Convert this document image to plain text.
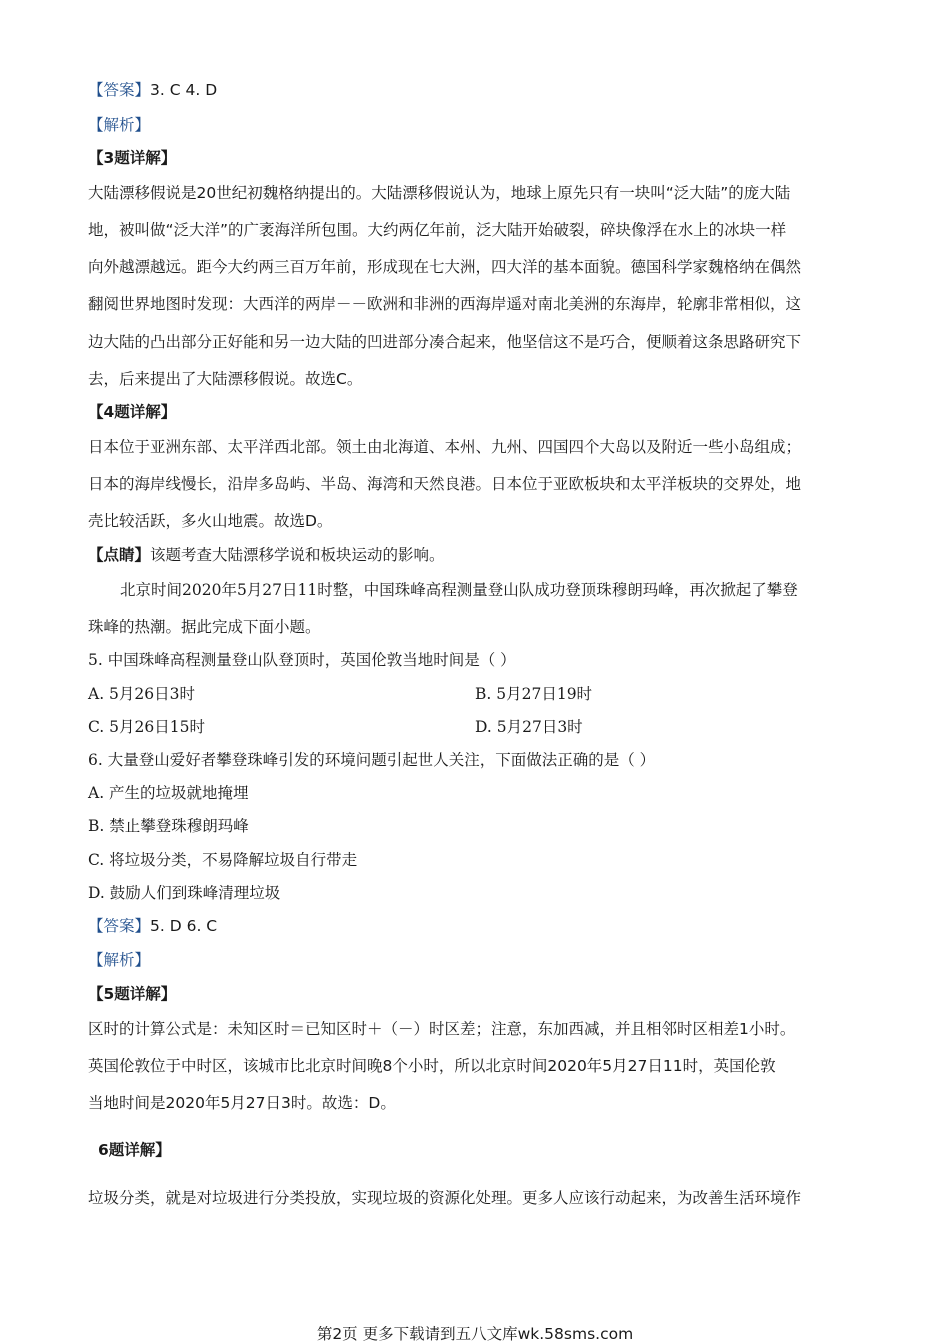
【答案】3. C 4. D
【解析】
【3题详解】
大陆漂移假说是20世纪初魏格纳提出的。大陆漂移假说认为，地球上原先只有一块叫“泛大陆”的庞大陆
地，被叫做“泛大洋”的广袤海洋所包围。大约两亿年前，泛大陆开始破裂，碎块像浮在水上的冰块一样
向外越漂越远。距今大约两三百万年前，形成现在七大洲，四大洋的基本面貌。德国科学家魏格纳在偶然
翻阅世界地图时发现：大西洋的两岸－－欧洲和非洲的西海岸遥对南北美洲的东海岸，轮廓非常相似，这
边大陆的凸出部分正好能和另一边大陆的凹进部分凑合起来，他坚信这不是巧合，便顺着这条思路研究下
去，后来提出了大陆漂移假说。故选C。
【4题详解】
日本位于亚洲东部、太平洋西北部。领土由北海道、本州、九州、四国四个大岛以及附近一些小岛组成；
日本的海岸线慢长，沿岸多岛屿、半岛、海湾和天然良港。日本位于亚欧板块和太平洋板块的交界处，地
壳比较活跃，多火山地震。故选D。
【点睛】该题考查大陆漂移学说和板块运动的影响。
北京时间2020年5月27日11时整，中国珠峰高程测量登山队成功登顶珠穆朗玛峰，再次掀起了攀登
珠峰的热潮。据此完成下面小题。
5. 中国珠峰高程测量登山队登顶时，英国伦敦当地时间是（ ）
A. 5月26日3时	B. 5月27日19时
C. 5月26日15时	D. 5月27日3时
6. 大量登山爱好者攀登珠峰引发的环境问题引起世人关注，下面做法正确的是（ ）
A. 产生的垃圾就地掩埋
B. 禁止攀登珠穆朗玛峰
C. 将垃圾分类，不易降解垃圾自行带走
D. 鼓励人们到珠峰清理垃圾
【答案】5. D 6. C
【解析】
【5题详解】
区时的计算公式是：未知区时＝已知区时＋（－）时区差；注意，东加西减，并且相邻时区相差1小时。
英国伦敦位于中时区，该城市比北京时间晚8个小时，所以北京时间2020年5月27日11时，英国伦敦
当地时间是2020年5月27日3时。故选：D。
6题详解】
垃圾分类，就是对垃圾进行分类投放，实现垃圾的资源化处理。更多人应该行动起来，为改善生活环境作
第2页 更多下载请到五八文库wk.58sms.com
